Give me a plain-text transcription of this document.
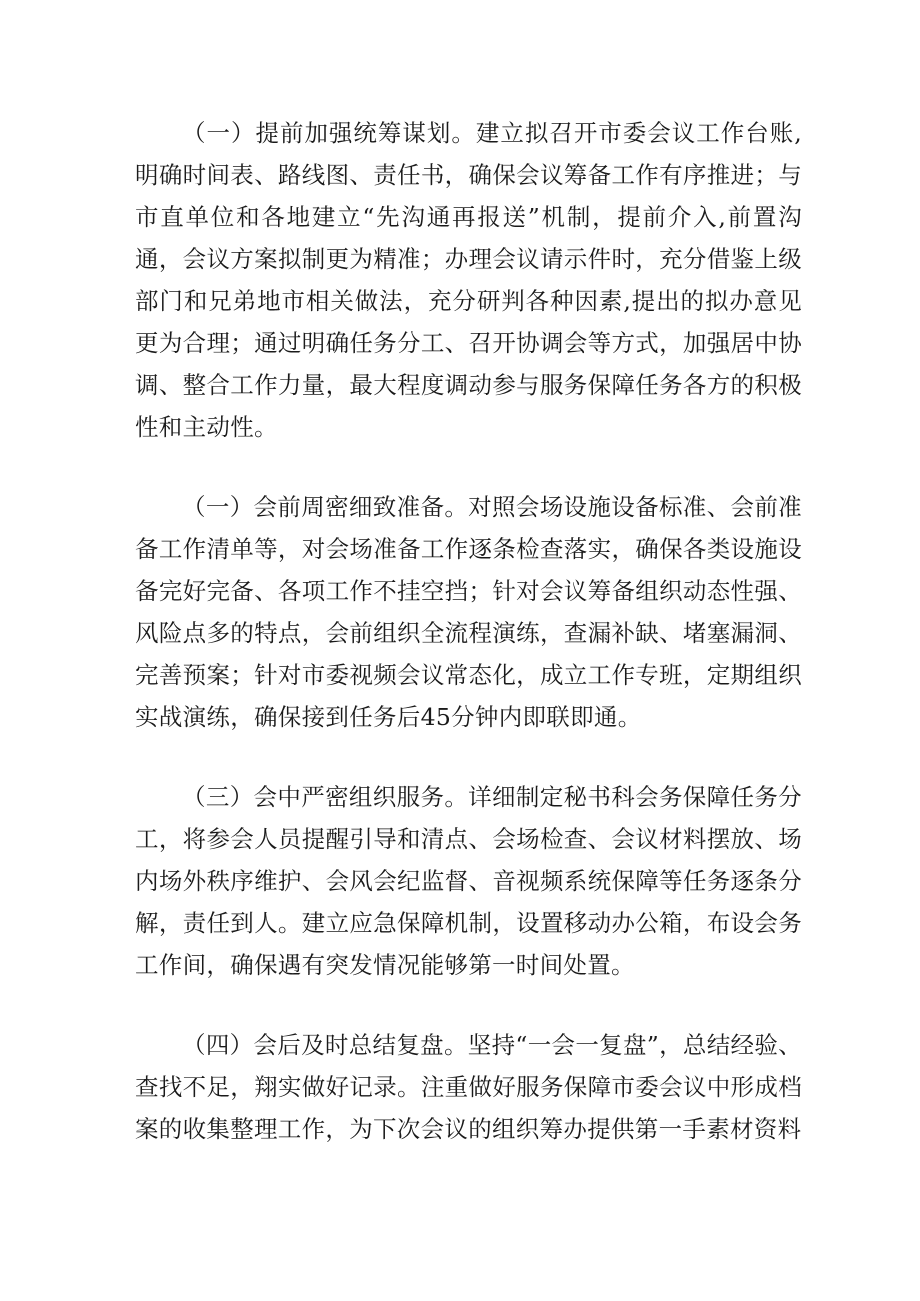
（一）提前加强统筹谋划。建立拟召开市委会议工作台账,明确时间表、路线图、责任书，确保会议筹备工作有序推进；与市直单位和各地建立“先沟通再报送”机制，提前介入,前置沟通，会议方案拟制更为精准；办理会议请示件时，充分借鉴上级部门和兄弟地市相关做法，充分研判各种因素,提出的拟办意见更为合理；通过明确任务分工、召开协调会等方式，加强居中协调、整合工作力量，最大程度调动参与服务保障任务各方的积极性和主动性。

（一）会前周密细致准备。对照会场设施设备标准、会前准备工作清单等，对会场准备工作逐条检查落实，确保各类设施设备完好完备、各项工作不挂空挡；针对会议筹备组织动态性强、风险点多的特点，会前组织全流程演练，查漏补缺、堵塞漏洞、完善预案；针对市委视频会议常态化，成立工作专班，定期组织实战演练，确保接到任务后45分钟内即联即通。

（三）会中严密组织服务。详细制定秘书科会务保障任务分工，将参会人员提醒引导和清点、会场检查、会议材料摆放、场内场外秩序维护、会风会纪监督、音视频系统保障等任务逐条分解，责任到人。建立应急保障机制，设置移动办公箱，布设会务工作间，确保遇有突发情况能够第一时间处置。

（四）会后及时总结复盘。坚持“一会一复盘”，总结经验、查找不足，翔实做好记录。注重做好服务保障市委会议中形成档案的收集整理工作，为下次会议的组织筹办提供第一手素材资料
